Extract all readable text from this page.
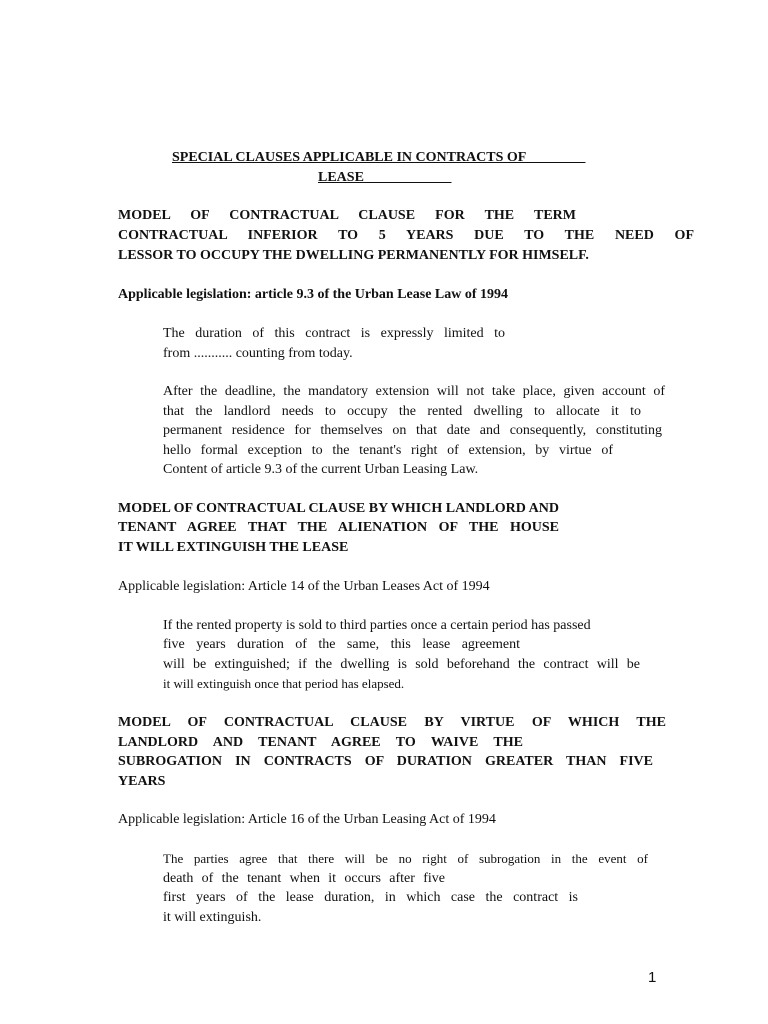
SPECIAL CLAUSES APPLICABLE IN CONTRACTS OF ________
LEASE ____________
MODEL OF CONTRACTUAL CLAUSE FOR THE TERM
CONTRACTUAL INFERIOR TO 5 YEARS DUE TO THE NEED OF
LESSOR TO OCCUPY THE DWELLING PERMANENTLY FOR HIMSELF.
Applicable legislation: article 9.3 of the Urban Lease Law of 1994
The duration of this contract is expressly limited to
from ........... counting from today.
After the deadline, the mandatory extension will not take place, given account of
that the landlord needs to occupy the rented dwelling to allocate it to
permanent residence for themselves on that date and consequently, constituting
hello formal exception to the tenant's right of extension, by virtue of
Content of article 9.3 of the current Urban Leasing Law.
MODEL OF CONTRACTUAL CLAUSE BY WHICH LANDLORD AND
TENANT AGREE THAT THE ALIENATION OF THE HOUSE
IT WILL EXTINGUISH THE LEASE
Applicable legislation: Article 14 of the Urban Leases Act of 1994
If the rented property is sold to third parties once a certain period has passed
five years duration of the same, this lease agreement
will be extinguished; if the dwelling is sold beforehand the contract will be
it will extinguish once that period has elapsed.
MODEL OF CONTRACTUAL CLAUSE BY VIRTUE OF WHICH THE
LANDLORD AND TENANT AGREE TO WAIVE THE
SUBROGATION IN CONTRACTS OF DURATION GREATER THAN FIVE
YEARS
Applicable legislation: Article 16 of the Urban Leasing Act of 1994
The parties agree that there will be no right of subrogation in the event of
death of the tenant when it occurs after five
first years of the lease duration, in which case the contract is
it will extinguish.
1
